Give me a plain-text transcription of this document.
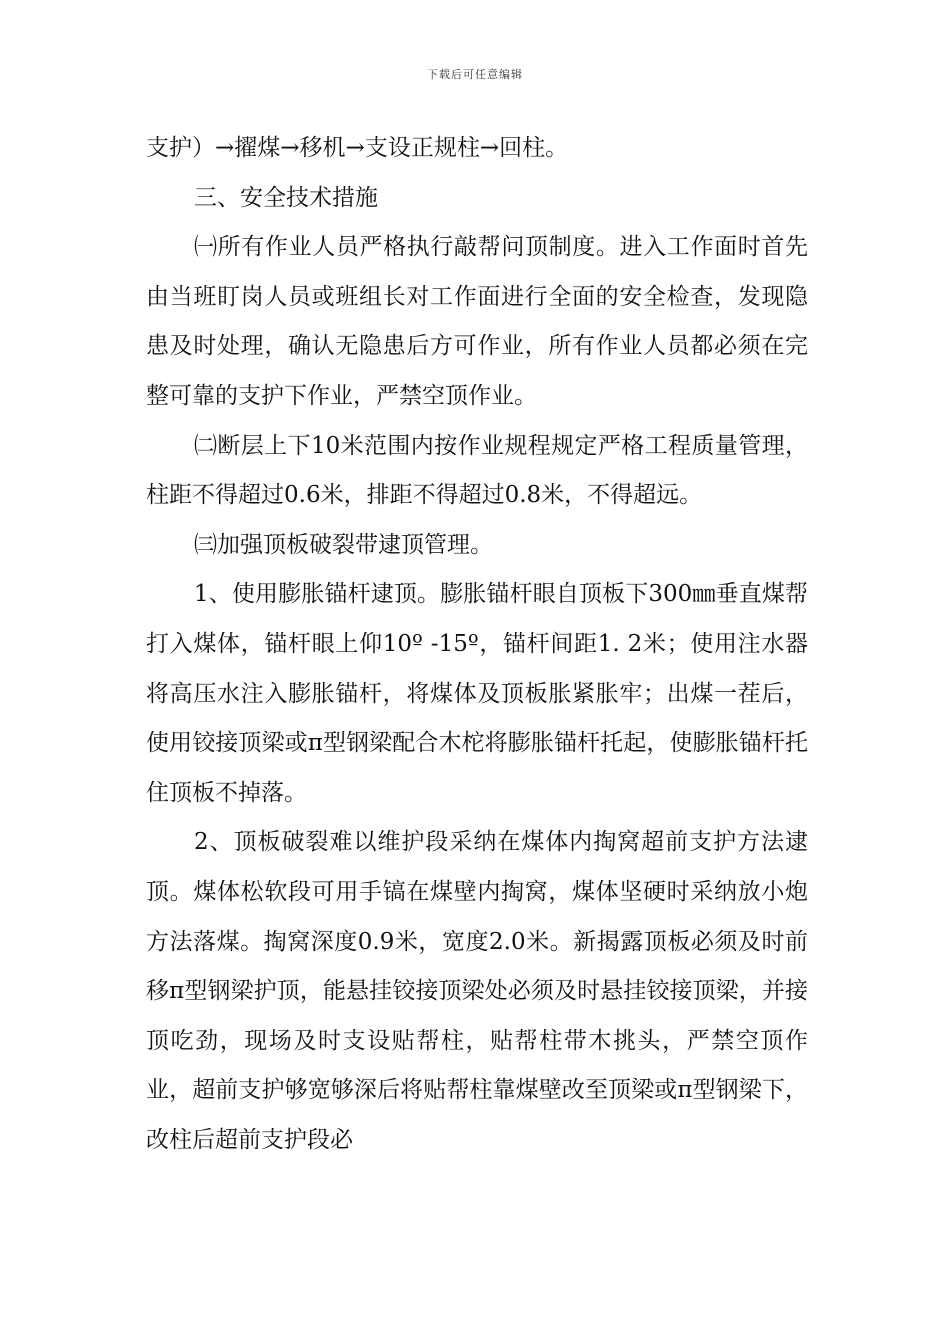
下载后可任意编辑

支护）→擢煤→移机→支设正规柱→回柱。

三、安全技术措施

㈠所有作业人员严格执行敲帮问顶制度。进入工作面时首先由当班盯岗人员或班组长对工作面进行全面的安全检查，发现隐患及时处理，确认无隐患后方可作业，所有作业人员都必须在完整可靠的支护下作业，严禁空顶作业。

㈡断层上下10米范围内按作业规程规定严格工程质量管理，柱距不得超过0.6米，排距不得超过0.8米，不得超远。

㈢加强顶板破裂带逮顶管理。

1、使用膨胀锚杆逮顶。膨胀锚杆眼自顶板下300㎜垂直煤帮打入煤体，锚杆眼上仰10º -15º，锚杆间距1. 2米；使用注水器将高压水注入膨胀锚杆，将煤体及顶板胀紧胀牢；出煤一茬后，使用铰接顶梁或π型钢梁配合木柁将膨胀锚杆托起，使膨胀锚杆托住顶板不掉落。

2、顶板破裂难以维护段采纳在煤体内掏窝超前支护方法逮顶。煤体松软段可用手镐在煤壁内掏窝，煤体坚硬时采纳放小炮方法落煤。掏窝深度0.9米，宽度2.0米。新揭露顶板必须及时前移π型钢梁护顶，能悬挂铰接顶梁处必须及时悬挂铰接顶梁，并接顶吃劲，现场及时支设贴帮柱，贴帮柱带木挑头，严禁空顶作业，超前支护够宽够深后将贴帮柱靠煤壁改至顶梁或π型钢梁下，改柱后超前支护段必
